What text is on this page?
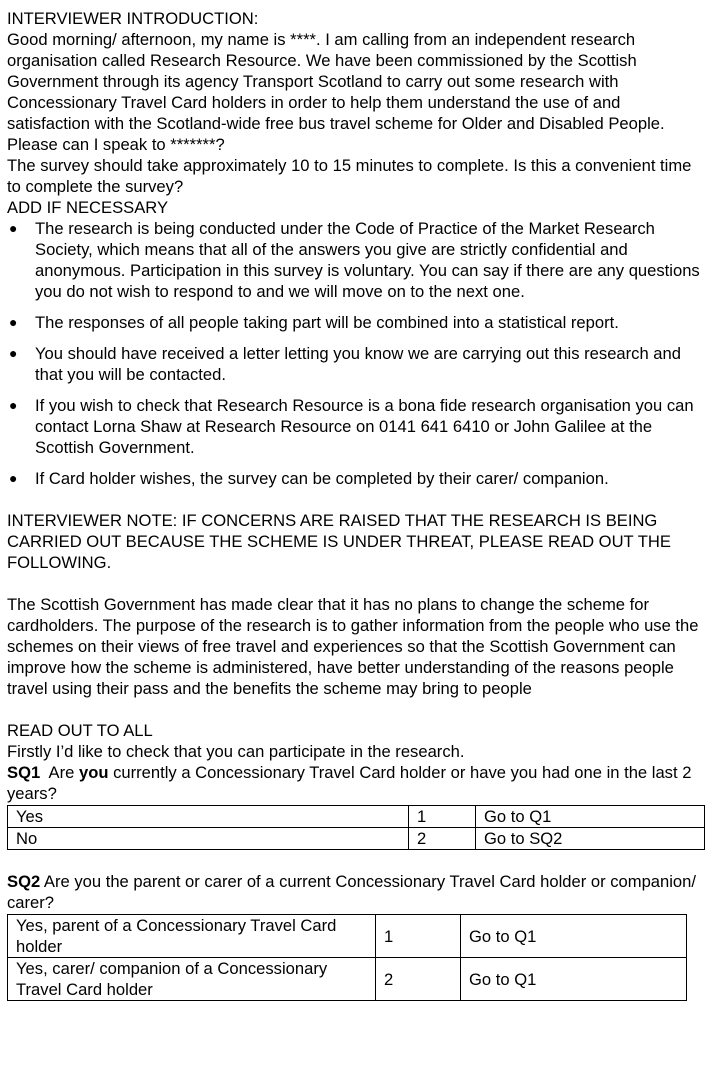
INTERVIEWER INTRODUCTION:

Good morning/ afternoon, my name is ****. I am calling from an independent research organisation called Research Resource. We have been commissioned by the Scottish Government through its agency Transport Scotland to carry out some research with Concessionary Travel Card holders in order to help them understand the use of and satisfaction with the Scotland-wide free bus travel scheme for Older and Disabled People. Please can I speak to *******?

The survey should take approximately 10 to 15 minutes to complete. Is this a convenient time to complete the survey?

ADD IF NECESSARY

● The research is being conducted under the Code of Practice of the Market Research Society, which means that all of the answers you give are strictly confidential and anonymous. Participation in this survey is voluntary. You can say if there are any questions you do not wish to respond to and we will move on to the next one.
● The responses of all people taking part will be combined into a statistical report.
● You should have received a letter letting you know we are carrying out this research and that you will be contacted.
● If you wish to check that Research Resource is a bona fide research organisation you can contact Lorna Shaw at Research Resource on 0141 641 6410 or John Galilee at the Scottish Government.
● If Card holder wishes, the survey can be completed by their carer/ companion.

INTERVIEWER NOTE: IF CONCERNS ARE RAISED THAT THE RESEARCH IS BEING CARRIED OUT BECAUSE THE SCHEME IS UNDER THREAT, PLEASE READ OUT THE FOLLOWING.

The Scottish Government has made clear that it has no plans to change the scheme for cardholders. The purpose of the research is to gather information from the people who use the schemes on their views of free travel and experiences so that the Scottish Government can improve how the scheme is administered, have better understanding of the reasons people travel using their pass and the benefits the scheme may bring to people

READ OUT TO ALL

Firstly I’d like to check that you can participate in the research.

SQ1  Are you currently a Concessionary Travel Card holder or have you had one in the last 2 years?

Yes	1	Go to Q1
No	2	Go to SQ2

SQ2 Are you the parent or carer of a current Concessionary Travel Card holder or companion/ carer?

Yes, parent of a Concessionary Travel Card holder	1	Go to Q1
Yes, carer/ companion of a Concessionary Travel Card holder	2	Go to Q1
